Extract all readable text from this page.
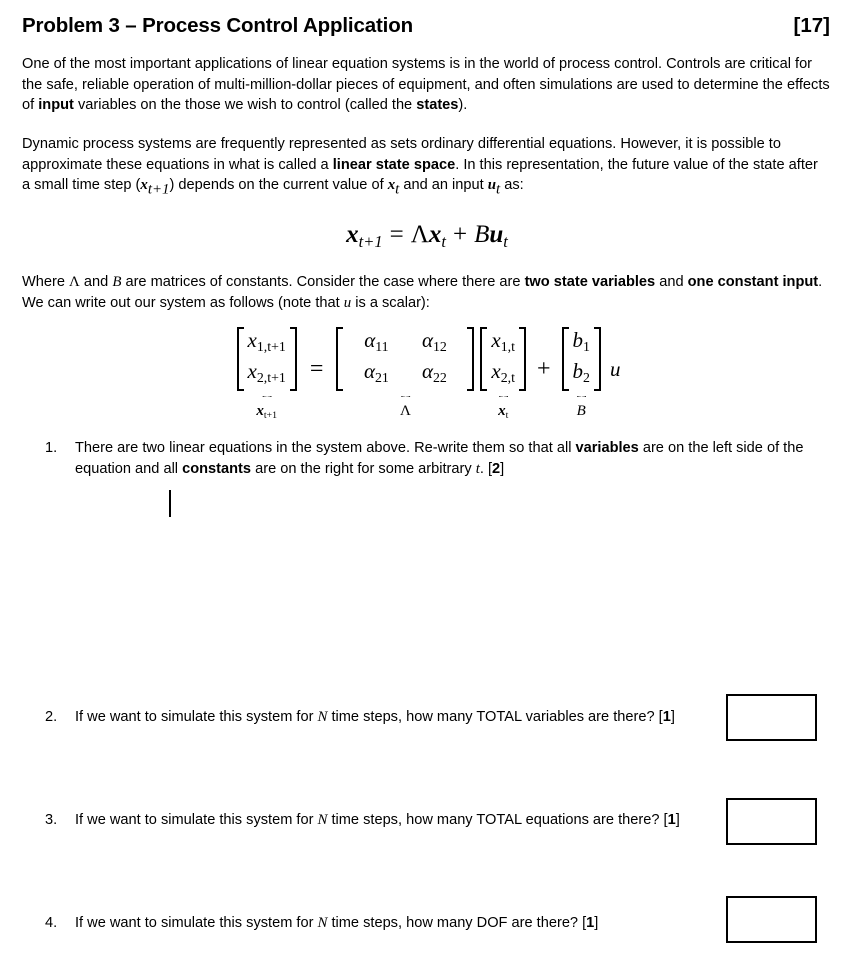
Problem 3 – Process Control Application	[17]
One of the most important applications of linear equation systems is in the world of process control. Controls are critical for the safe, reliable operation of multi-million-dollar pieces of equipment, and often simulations are used to determine the effects of input variables on the those we wish to control (called the states).
Dynamic process systems are frequently represented as sets ordinary differential equations. However, it is possible to approximate these equations in what is called a linear state space. In this representation, the future value of the state after a small time step (xt+1) depends on the current value of xt and an input ut as:
$x_{t+1} = \Lambda x_t + Bu_t$
Where Λ and B are matrices of constants. Consider the case where there are two state variables and one constant input. We can write out our system as follows (note that u is a scalar):
x1,t+1
x2,t+1
⏟
xt+1
=
α11	α12
α21	α22
⏟
Λ
x1,t
x2,t
⏟
xt
+
b1
b2
⏟
B
u
1.	There are two linear equations in the system above. Re-write them so that all variables are on the left side of the equation and all constants are on the right for some arbitrary t. [2]
2.	If we want to simulate this system for N time steps, how many TOTAL variables are there? [1]
3.	If we want to simulate this system for N time steps, how many TOTAL equations are there? [1]
4.	If we want to simulate this system for N time steps, how many DOF are there? [1]
